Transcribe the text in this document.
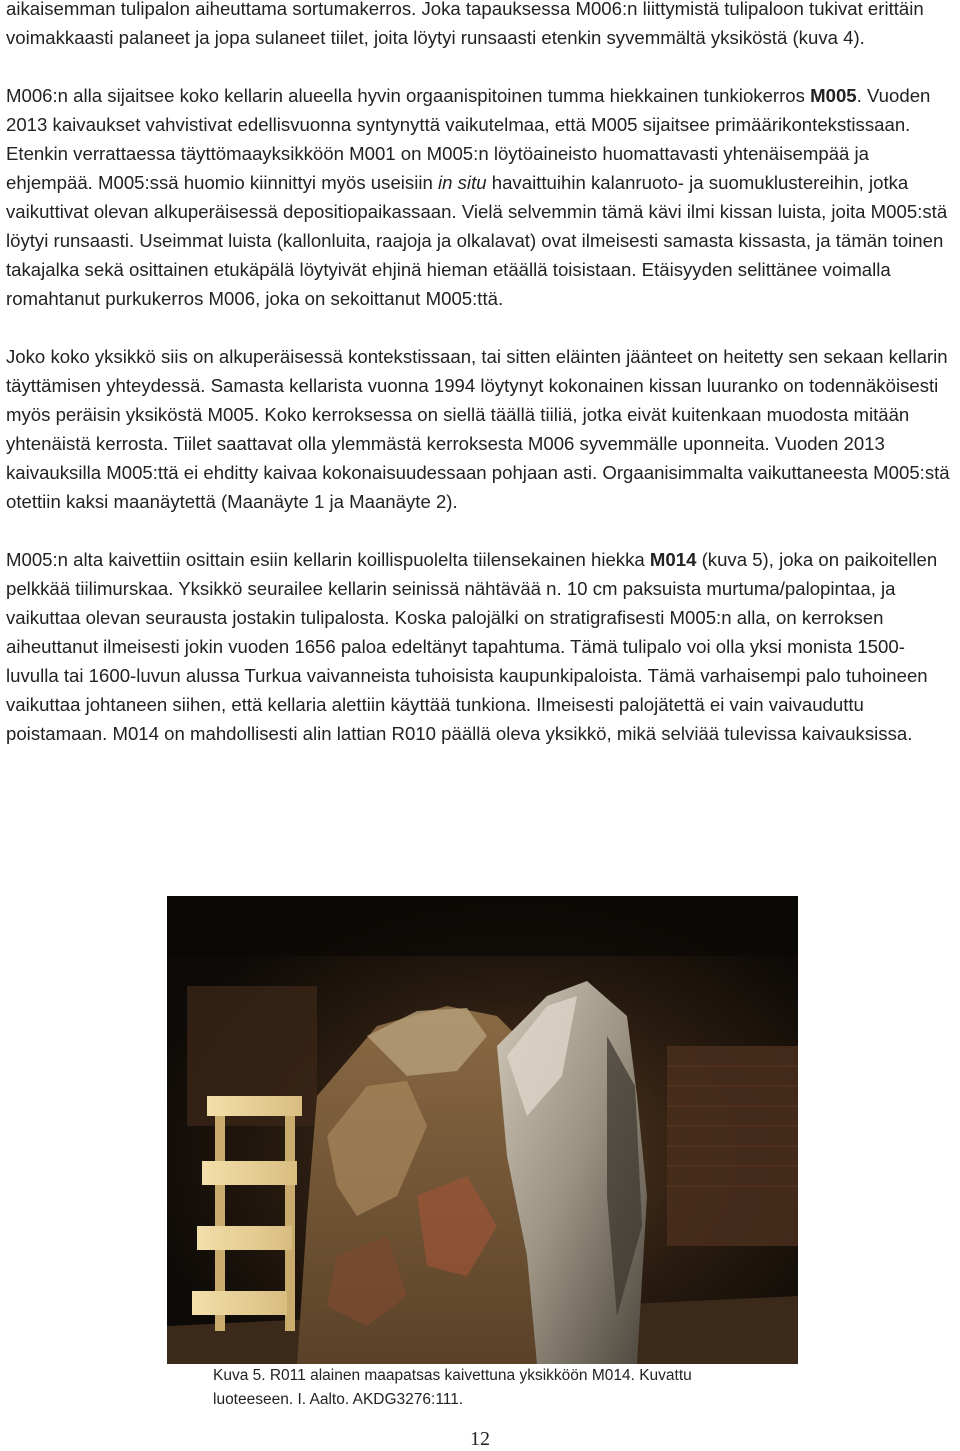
aikaisemman tulipalon aiheuttama sortumakerros. Joka tapauksessa M006:n liittymistä tulipaloon tukivat erittäin voimakkaasti palaneet ja jopa sulaneet tiilet, joita löytyi runsaasti etenkin syvemmältä yksiköstä (kuva 4).

M006:n alla sijaitsee koko kellarin alueella hyvin orgaanispitoinen tumma hiekkainen tunkiokerros M005. Vuoden 2013 kaivaukset vahvistivat edellisvuonna syntynyttä vaikutelmaa, että M005 sijaitsee primäärikontekstissaan. Etenkin verrattaessa täyttömaayksikköön M001 on M005:n löytöaineisto huomattavasti yhtenäisempää ja ehjempää. M005:ssä huomio kiinnittyi myös useisiin in situ havaittuihin kalanruoto- ja suomuklustereihin, jotka vaikuttivat olevan alkuperäisessä depositiopaikassaan. Vielä selvemmin tämä kävi ilmi kissan luista, joita M005:stä löytyi runsaasti. Useimmat luista (kallonluita, raajoja ja olkalavat) ovat ilmeisesti samasta kissasta, ja tämän toinen takajalka sekä osittainen etukäpälä löytyivät ehjinä hieman etäällä toisistaan. Etäisyyden selittänee voimalla romahtanut purkukerros M006, joka on sekoittanut M005:ttä.

Joko koko yksikkö siis on alkuperäisessä kontekstissaan, tai sitten eläinten jäänteet on heitetty sen sekaan kellarin täyttämisen yhteydessä. Samasta kellarista vuonna 1994 löytynyt kokonainen kissan luuranko on todennäköisesti myös peräisin yksiköstä M005. Koko kerroksessa on siellä täällä tiiliä, jotka eivät kuitenkaan muodosta mitään yhtenäistä kerrosta. Tiilet saattavat olla ylemmästä kerroksesta M006 syvemmälle uponneita. Vuoden 2013 kaivauksilla M005:ttä ei ehditty kaivaa kokonaisuudessaan pohjaan asti. Orgaanisimmalta vaikuttaneesta M005:stä otettiin kaksi maanäytettä (Maanäyte 1 ja Maanäyte 2).

M005:n alta kaivettiin osittain esiin kellarin koillispuolelta tiilensekainen hiekka M014 (kuva 5), joka on paikoitellen pelkkää tiilimurskaa. Yksikkö seurailee kellarin seinissä nähtävää n. 10 cm paksuista murtuma/palopintaa, ja vaikuttaa olevan seurausta jostakin tulipalosta. Koska palojälki on stratigrafisesti M005:n alla, on kerroksen aiheuttanut ilmeisesti jokin vuoden 1656 paloa edeltänyt tapahtuma. Tämä tulipalo voi olla yksi monista 1500-luvulla tai 1600-luvun alussa Turkua vaivanneista tuhoisista kaupunkipaloista. Tämä varhaisempi palo tuhoineen vaikuttaa johtaneen siihen, että kellaria alettiin käyttää tunkiona. Ilmeisesti palojätettä ei vain vaivauduttu poistamaan. M014 on mahdollisesti alin lattian R010 päällä oleva yksikkö, mikä selviää tulevissa kaivauksissa.

Kuva 5. R011 alainen maapatsas kaivettuna yksikköön M014. Kuvattu
luoteeseen. I. Aalto. AKDG3276:111.
12
